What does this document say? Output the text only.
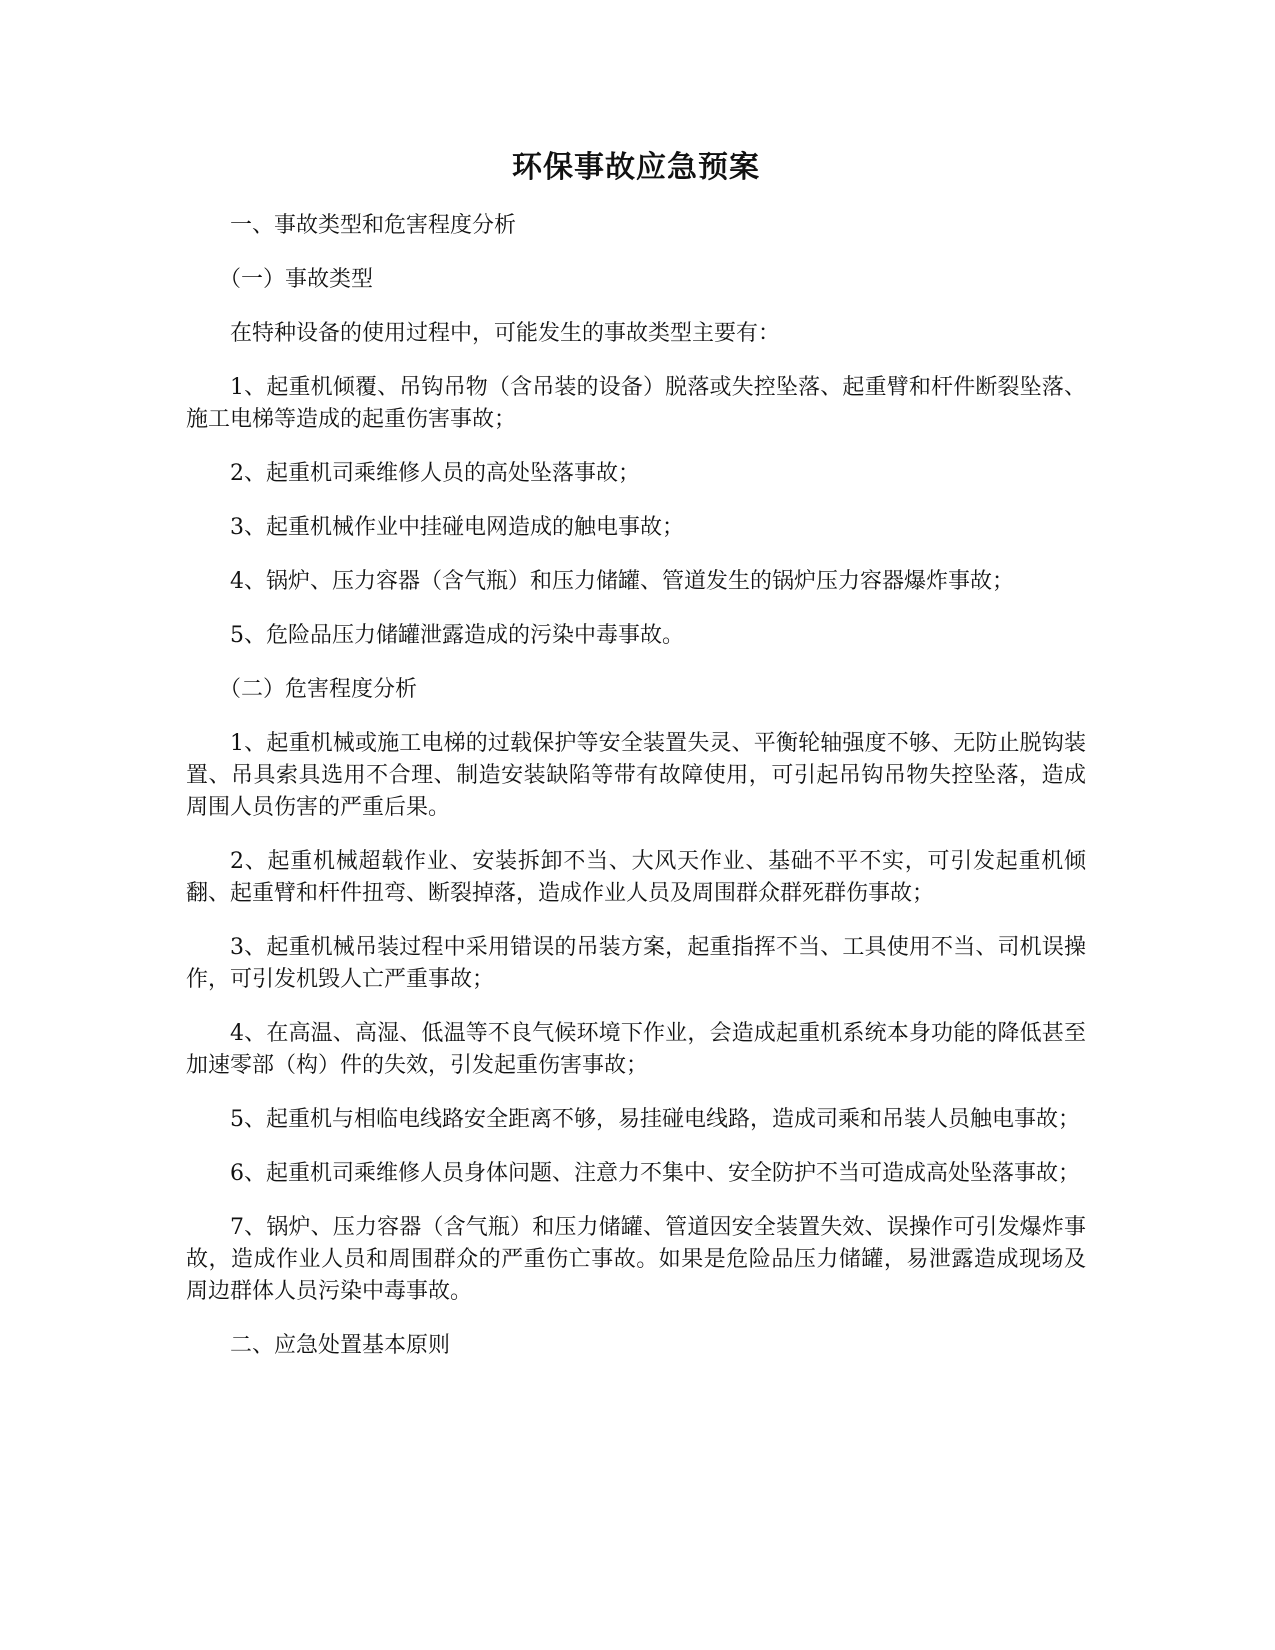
环保事故应急预案

一、事故类型和危害程度分析

（一）事故类型

在特种设备的使用过程中，可能发生的事故类型主要有：

1、起重机倾覆、吊钩吊物（含吊装的设备）脱落或失控坠落、起重臂和杆件断裂坠落、施工电梯等造成的起重伤害事故；

2、起重机司乘维修人员的高处坠落事故；

3、起重机械作业中挂碰电网造成的触电事故；

4、锅炉、压力容器（含气瓶）和压力储罐、管道发生的锅炉压力容器爆炸事故；

5、危险品压力储罐泄露造成的污染中毒事故。

（二）危害程度分析

1、起重机械或施工电梯的过载保护等安全装置失灵、平衡轮轴强度不够、无防止脱钩装置、吊具索具选用不合理、制造安装缺陷等带有故障使用，可引起吊钩吊物失控坠落，造成周围人员伤害的严重后果。

2、起重机械超载作业、安装拆卸不当、大风天作业、基础不平不实，可引发起重机倾翻、起重臂和杆件扭弯、断裂掉落，造成作业人员及周围群众群死群伤事故；

3、起重机械吊装过程中采用错误的吊装方案，起重指挥不当、工具使用不当、司机误操作，可引发机毁人亡严重事故；

4、在高温、高湿、低温等不良气候环境下作业，会造成起重机系统本身功能的降低甚至加速零部（构）件的失效，引发起重伤害事故；

5、起重机与相临电线路安全距离不够，易挂碰电线路，造成司乘和吊装人员触电事故；

6、起重机司乘维修人员身体问题、注意力不集中、安全防护不当可造成高处坠落事故；

7、锅炉、压力容器（含气瓶）和压力储罐、管道因安全装置失效、误操作可引发爆炸事故，造成作业人员和周围群众的严重伤亡事故。如果是危险品压力储罐，易泄露造成现场及周边群体人员污染中毒事故。

二、应急处置基本原则
